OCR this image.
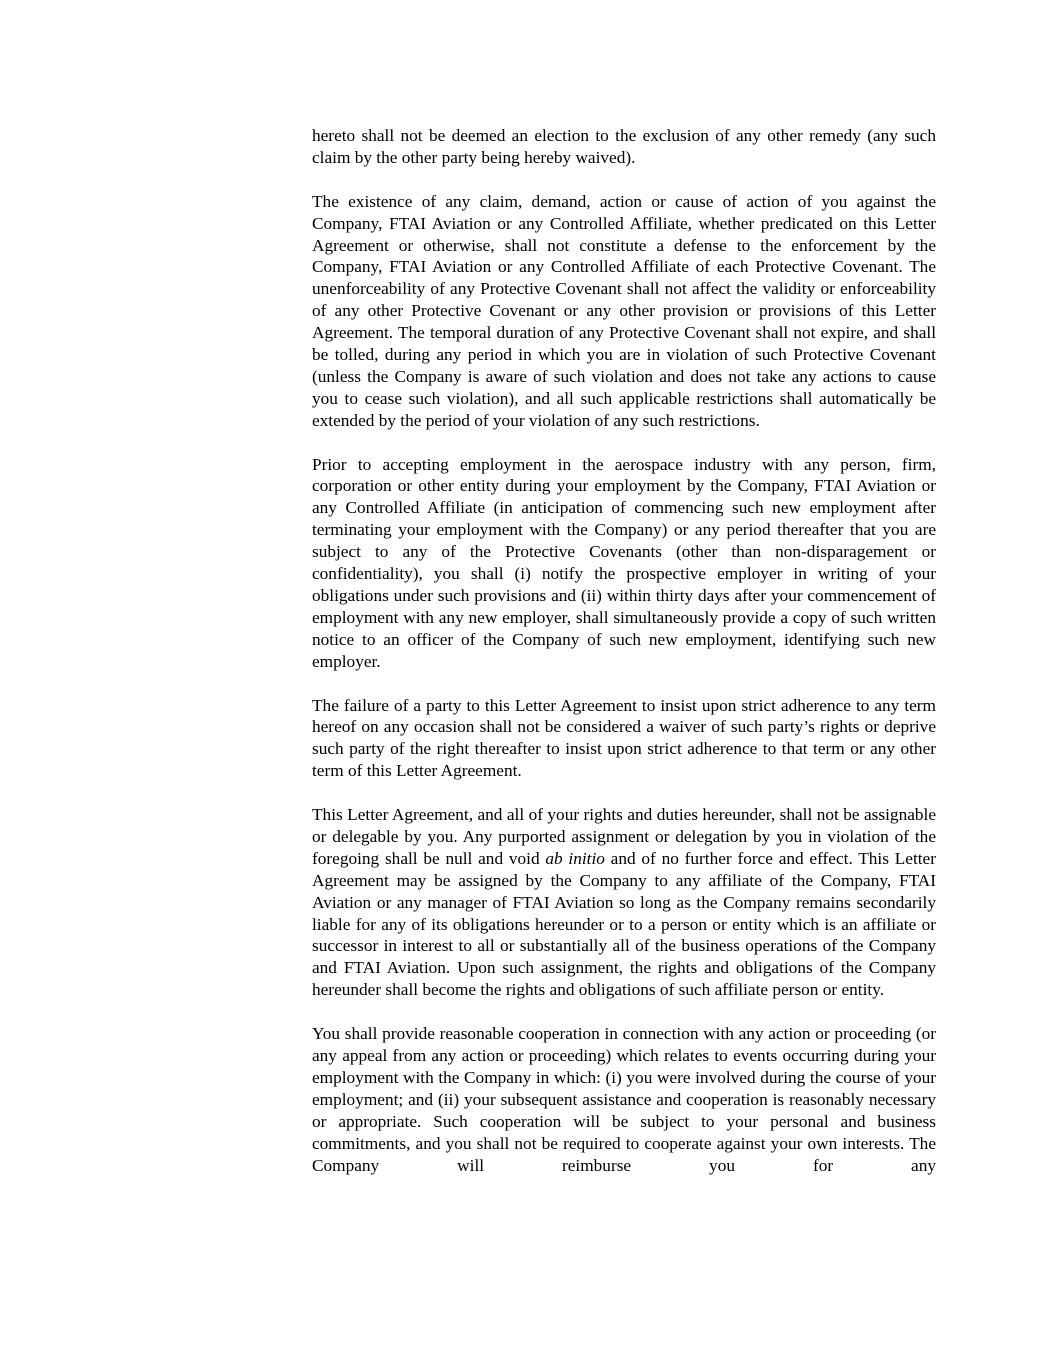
hereto shall not be deemed an election to the exclusion of any other remedy (any such claim by the other party being hereby waived).

The existence of any claim, demand, action or cause of action of you against the Company, FTAI Aviation or any Controlled Affiliate, whether predicated on this Letter Agreement or otherwise, shall not constitute a defense to the enforcement by the Company, FTAI Aviation or any Controlled Affiliate of each Protective Covenant. The unenforceability of any Protective Covenant shall not affect the validity or enforceability of any other Protective Covenant or any other provision or provisions of this Letter Agreement. The temporal duration of any Protective Covenant shall not expire, and shall be tolled, during any period in which you are in violation of such Protective Covenant (unless the Company is aware of such violation and does not take any actions to cause you to cease such violation), and all such applicable restrictions shall automatically be extended by the period of your violation of any such restrictions.

Prior to accepting employment in the aerospace industry with any person, firm, corporation or other entity during your employment by the Company, FTAI Aviation or any Controlled Affiliate (in anticipation of commencing such new employment after terminating your employment with the Company) or any period thereafter that you are subject to any of the Protective Covenants (other than non-disparagement or confidentiality), you shall (i) notify the prospective employer in writing of your obligations under such provisions and (ii) within thirty days after your commencement of employment with any new employer, shall simultaneously provide a copy of such written notice to an officer of the Company of such new employment, identifying such new employer.

The failure of a party to this Letter Agreement to insist upon strict adherence to any term hereof on any occasion shall not be considered a waiver of such party’s rights or deprive such party of the right thereafter to insist upon strict adherence to that term or any other term of this Letter Agreement.

This Letter Agreement, and all of your rights and duties hereunder, shall not be assignable or delegable by you. Any purported assignment or delegation by you in violation of the foregoing shall be null and void ab initio and of no further force and effect. This Letter Agreement may be assigned by the Company to any affiliate of the Company, FTAI Aviation or any manager of FTAI Aviation so long as the Company remains secondarily liable for any of its obligations hereunder or to a person or entity which is an affiliate or successor in interest to all or substantially all of the business operations of the Company and FTAI Aviation. Upon such assignment, the rights and obligations of the Company hereunder shall become the rights and obligations of such affiliate person or entity.

You shall provide reasonable cooperation in connection with any action or proceeding (or any appeal from any action or proceeding) which relates to events occurring during your employment with the Company in which: (i) you were involved during the course of your employment; and (ii) your subsequent assistance and cooperation is reasonably necessary or appropriate. Such cooperation will be subject to your personal and business commitments, and you shall not be required to cooperate against your own interests. The Company will reimburse you for any
